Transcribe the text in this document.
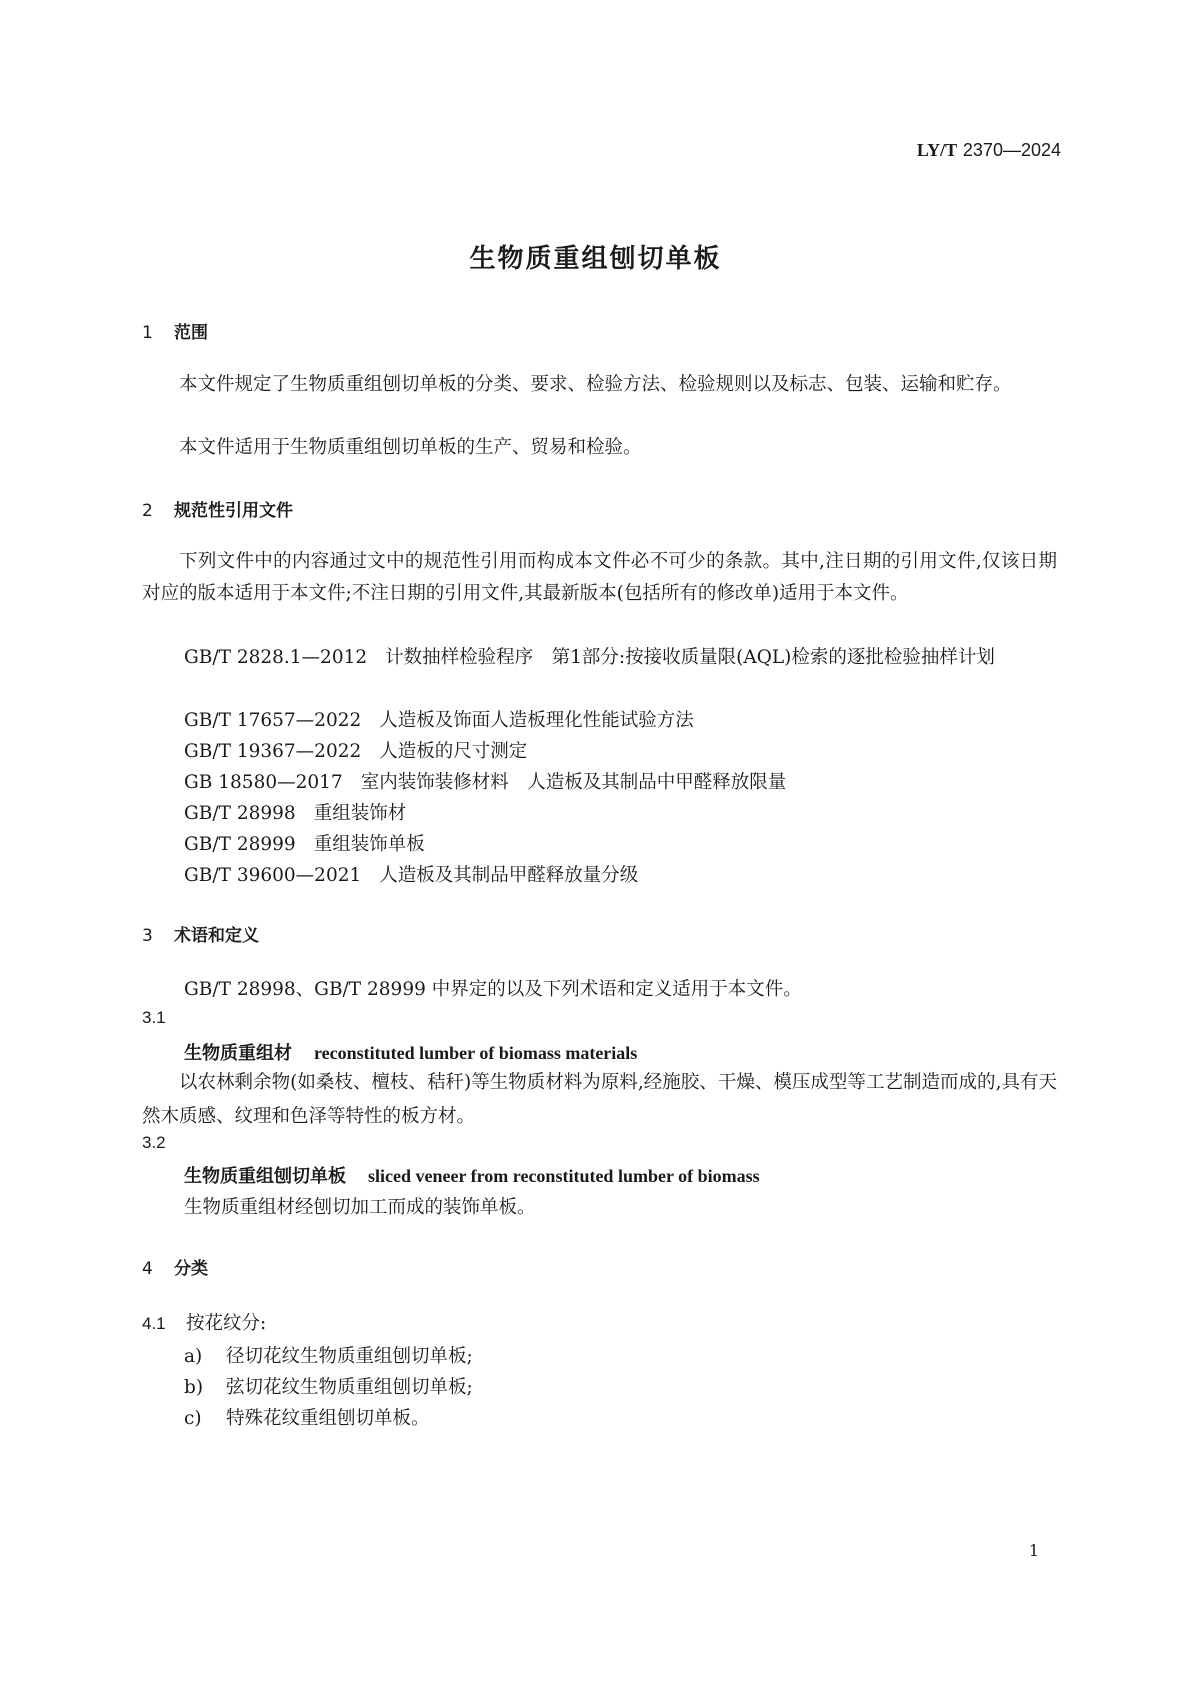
LY/T 2370—2024
生物质重组刨切单板
1 范围
本文件规定了生物质重组刨切单板的分类、要求、检验方法、检验规则以及标志、包装、运输和贮存。
本文件适用于生物质重组刨切单板的生产、贸易和检验。
2 规范性引用文件
下列文件中的内容通过文中的规范性引用而构成本文件必不可少的条款。其中,注日期的引用文件,仅该日期对应的版本适用于本文件;不注日期的引用文件,其最新版本(包括所有的修改单)适用于本文件。
GB/T 2828.1—2012 计数抽样检验程序　第1部分:按接收质量限(AQL)检索的逐批检验抽样计划
GB/T 17657—2022 人造板及饰面人造板理化性能试验方法
GB/T 19367—2022 人造板的尺寸测定
GB 18580—2017 室内装饰装修材料　人造板及其制品中甲醛释放限量
GB/T 28998 重组装饰材
GB/T 28999 重组装饰单板
GB/T 39600—2021 人造板及其制品甲醛释放量分级
3 术语和定义
GB/T 28998、GB/T 28999 中界定的以及下列术语和定义适用于本文件。
3.1
生物质重组材 reconstituted lumber of biomass materials
以农林剩余物(如桑枝、檀枝、秸秆)等生物质材料为原料,经施胶、干燥、模压成型等工艺制造而成的,具有天然木质感、纹理和色泽等特性的板方材。
3.2
生物质重组刨切单板 sliced veneer from reconstituted lumber of biomass
生物质重组材经刨切加工而成的装饰单板。
4 分类
4.1 按花纹分:
a) 径切花纹生物质重组刨切单板;
b) 弦切花纹生物质重组刨切单板;
c) 特殊花纹重组刨切单板。
1
